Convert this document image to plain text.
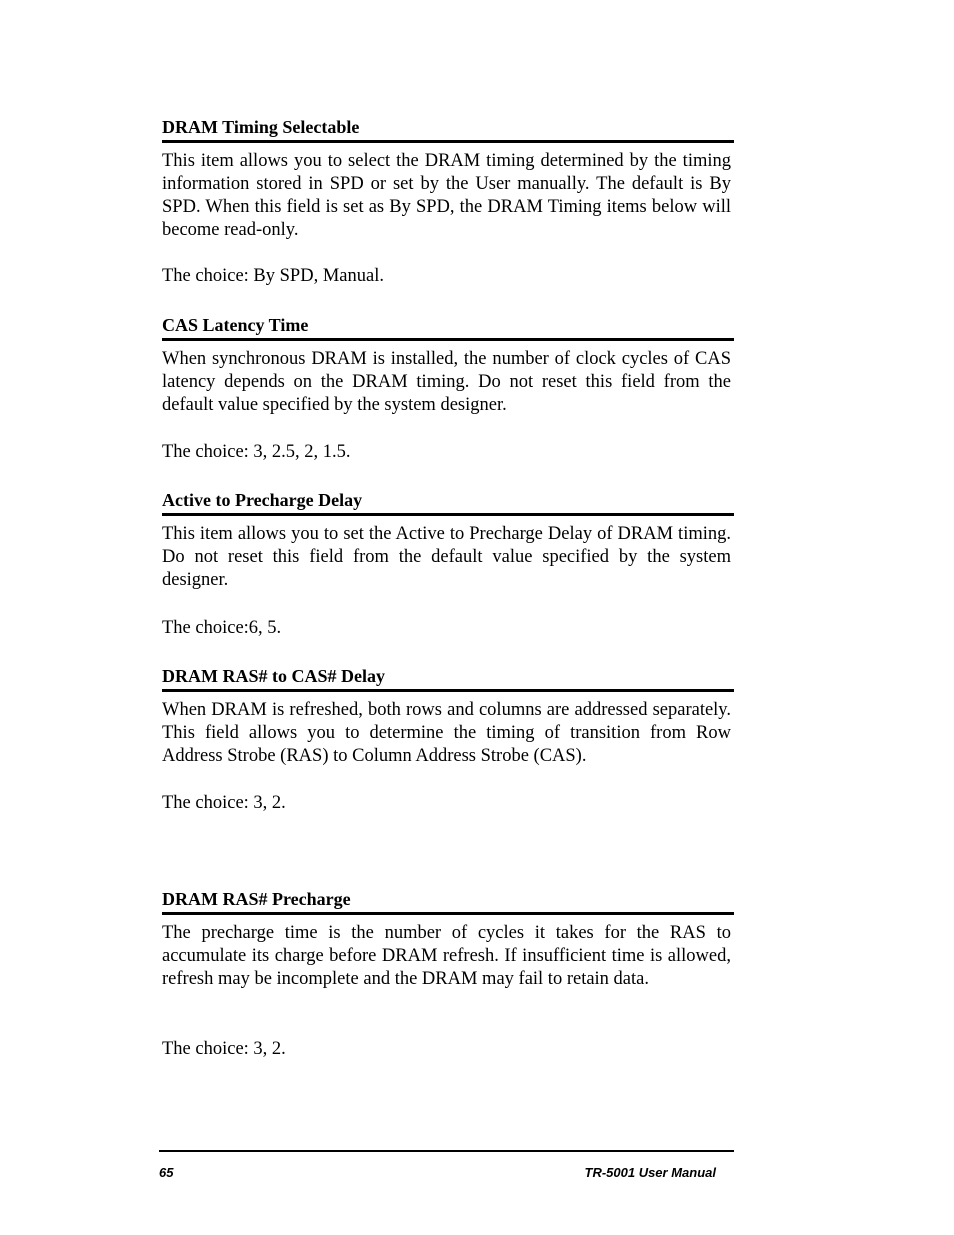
DRAM Timing Selectable

This item allows you to select the DRAM timing determined by the timing information stored in SPD or set by the User manually. The default is By SPD. When this field is set as By SPD, the DRAM Timing items below will become read-only.

The choice: By SPD, Manual.

CAS Latency Time

When synchronous DRAM is installed, the number of clock cycles of CAS latency depends on the DRAM timing. Do not reset this field from the default value specified by the system designer.

The choice: 3, 2.5, 2, 1.5.

Active to Precharge Delay

This item allows you to set the Active to Precharge Delay of DRAM timing. Do not reset this field from the default value specified by the system designer.

The choice:6, 5.

DRAM RAS# to CAS# Delay

When DRAM is refreshed, both rows and columns are addressed separately. This field allows you to determine the timing of transition from Row Address Strobe (RAS) to Column Address Strobe (CAS).

The choice: 3, 2.

DRAM RAS# Precharge

The precharge time is the number of cycles it takes for the RAS to accumulate its charge before DRAM refresh. If insufficient time is allowed, refresh may be incomplete and the DRAM may fail to retain data.

The choice: 3, 2.

65	TR-5001 User Manual
